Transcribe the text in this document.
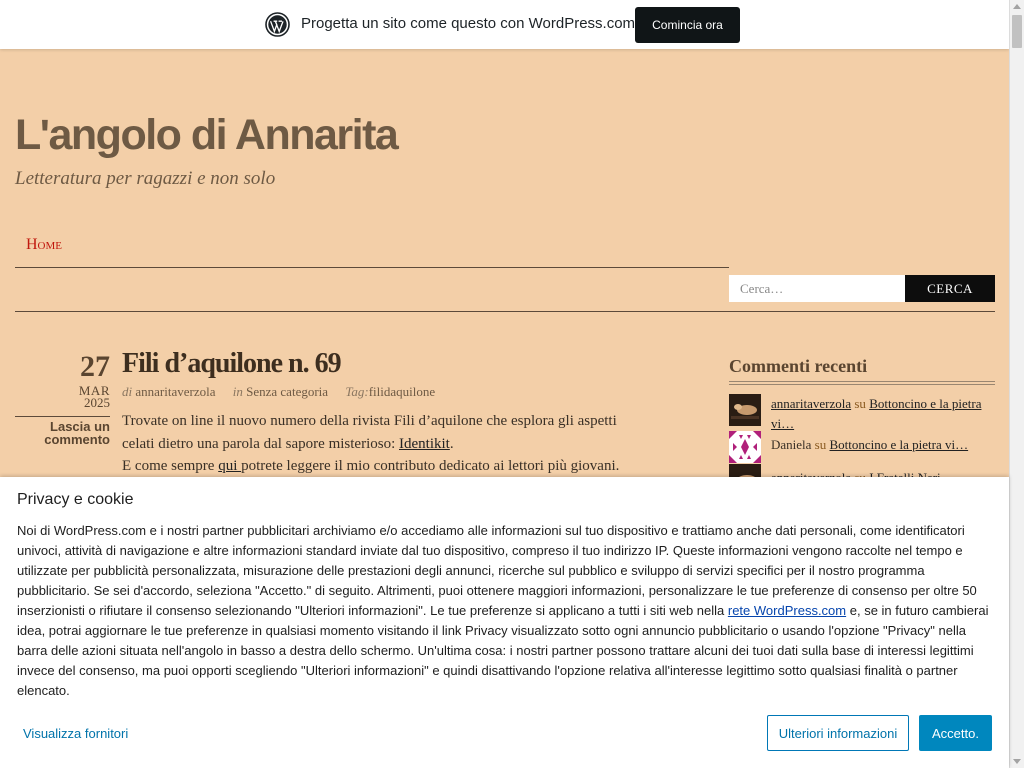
Progetta un sito come questo con WordPress.com	Comincia ora
L'angolo di Annarita
Letteratura per ragazzi e non solo
Home
Cerca…	CERCA
27
MAR
2025
Lascia un commento
Fili d’aquilone n. 69
di annaritaverzola in Senza categoria Tag:filidaquilone
Trovate on line il nuovo numero della rivista Fili d’aquilone che esplora gli aspetti celati dietro una parola dal sapore misterioso: Identikit.
E come sempre qui potrete leggere il mio contributo dedicato ai lettori più giovani.
Commenti recenti
annaritaverzola su Bottoncino e la pietra vi…
Daniela su Bottoncino e la pietra vi…
Privacy e cookie
Noi di WordPress.com e i nostri partner pubblicitari archiviamo e/o accediamo alle informazioni sul tuo dispositivo e trattiamo anche dati personali, come identificatori univoci, attività di navigazione e altre informazioni standard inviate dal tuo dispositivo, compreso il tuo indirizzo IP. Queste informazioni vengono raccolte nel tempo e utilizzate per pubblicità personalizzata, misurazione delle prestazioni degli annunci, ricerche sul pubblico e sviluppo di servizi specifici per il nostro programma pubblicitario. Se sei d'accordo, seleziona "Accetto." di seguito. Altrimenti, puoi ottenere maggiori informazioni, personalizzare le tue preferenze di consenso per oltre 50 inserzionisti o rifiutare il consenso selezionando "Ulteriori informazioni". Le tue preferenze si applicano a tutti i siti web nella rete WordPress.com e, se in futuro cambierai idea, potrai aggiornare le tue preferenze in qualsiasi momento visitando il link Privacy visualizzato sotto ogni annuncio pubblicitario o usando l'opzione "Privacy" nella barra delle azioni situata nell'angolo in basso a destra dello schermo. Un'ultima cosa: i nostri partner possono trattare alcuni dei tuoi dati sulla base di interessi legittimi invece del consenso, ma puoi opporti scegliendo "Ulteriori informazioni" e quindi disattivando l'opzione relativa all'interesse legittimo sotto qualsiasi finalità o partner elencato.
Visualizza fornitori	Ulteriori informazioni	Accetto.
